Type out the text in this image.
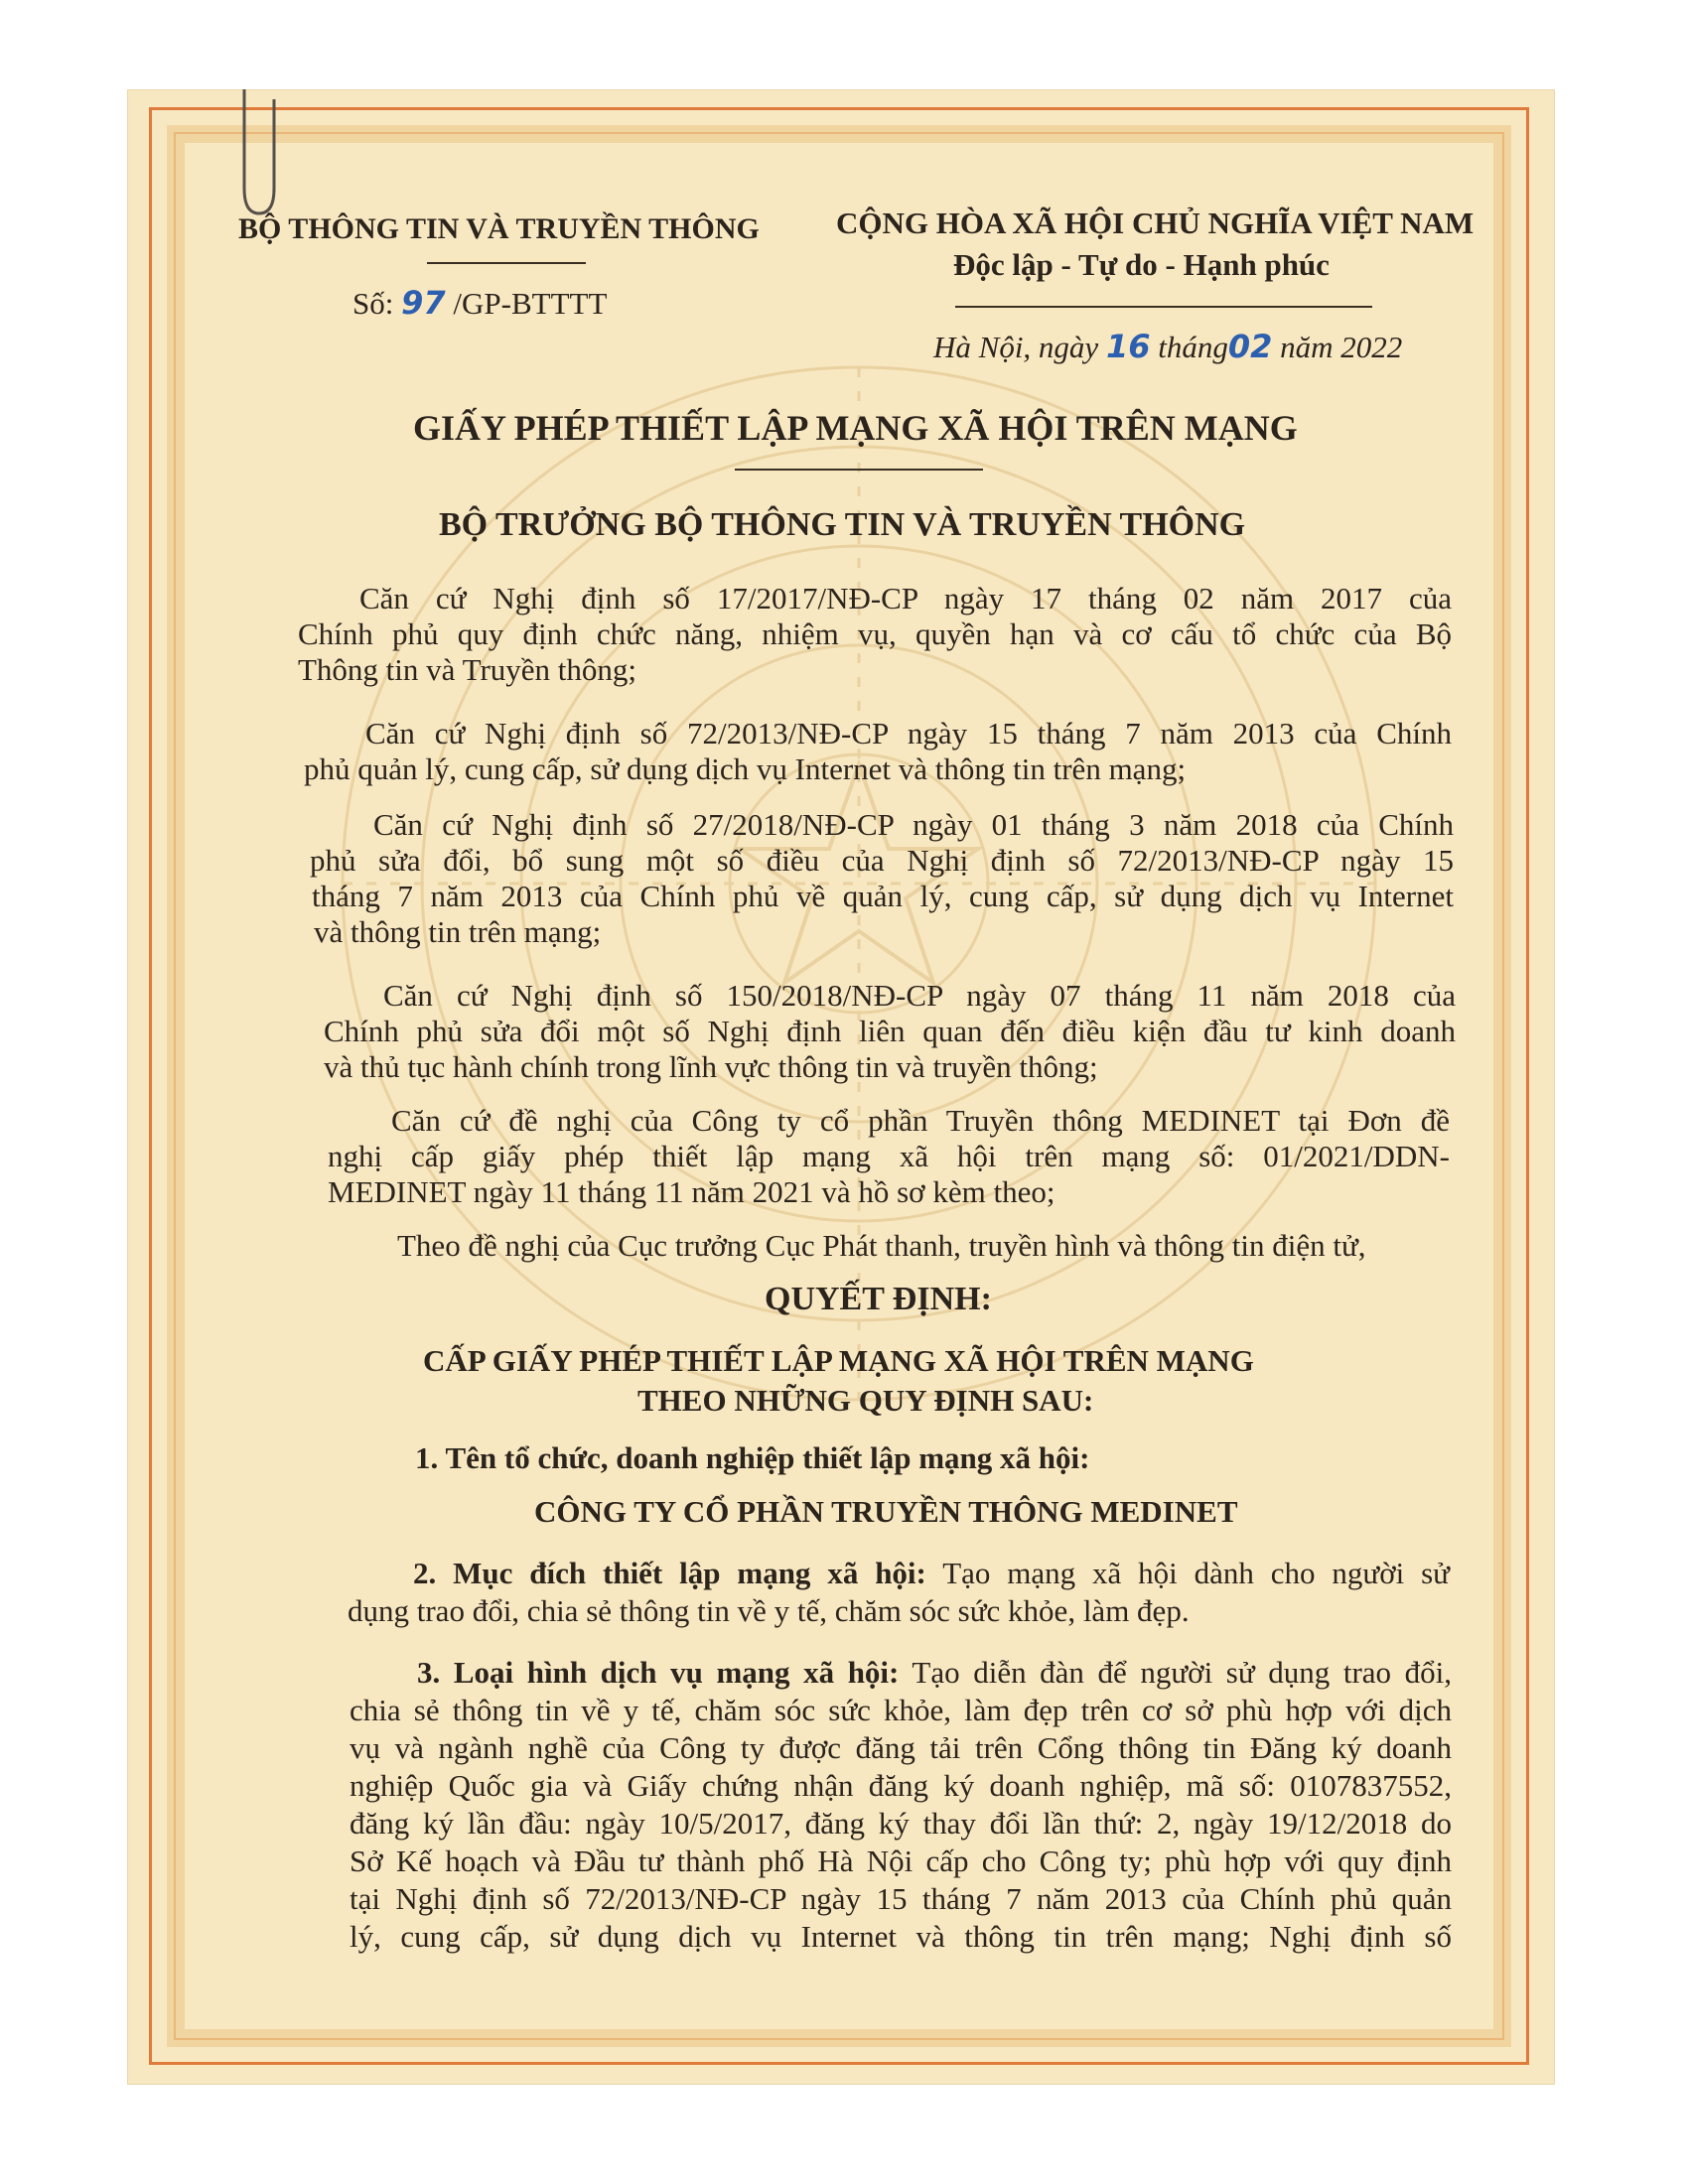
BỘ THÔNG TIN VÀ TRUYỀN THÔNG
Số: 97 /GP-BTTTT
CỘNG HÒA XÃ HỘI CHỦ NGHĨA VIỆT NAM
Độc lập - Tự do - Hạnh phúc
Hà Nội, ngày 16 tháng02 năm 2022
GIẤY PHÉP THIẾT LẬP MẠNG XÃ HỘI TRÊN MẠNG
BỘ TRƯỞNG BỘ THÔNG TIN VÀ TRUYỀN THÔNG
Căn cứ Nghị định số 17/2017/NĐ-CP ngày 17 tháng 02 năm 2017 của
Chính phủ quy định chức năng, nhiệm vụ, quyền hạn và cơ cấu tổ chức của Bộ
Thông tin và Truyền thông;
Căn cứ Nghị định số 72/2013/NĐ-CP ngày 15 tháng 7 năm 2013 của Chính
phủ quản lý, cung cấp, sử dụng dịch vụ Internet và thông tin trên mạng;
Căn cứ Nghị định số 27/2018/NĐ-CP ngày 01 tháng 3 năm 2018 của Chính
phủ sửa đổi, bổ sung một số điều của Nghị định số 72/2013/NĐ-CP ngày 15
tháng 7 năm 2013 của Chính phủ về quản lý, cung cấp, sử dụng dịch vụ Internet
và thông tin trên mạng;
Căn cứ Nghị định số 150/2018/NĐ-CP ngày 07 tháng 11 năm 2018 của
Chính phủ sửa đổi một số Nghị định liên quan đến điều kiện đầu tư kinh doanh
và thủ tục hành chính trong lĩnh vực thông tin và truyền thông;
Căn cứ đề nghị của Công ty cổ phần Truyền thông MEDINET tại Đơn đề
nghị cấp giấy phép thiết lập mạng xã hội trên mạng số: 01/2021/DDN-
MEDINET ngày 11 tháng 11 năm 2021 và hồ sơ kèm theo;
Theo đề nghị của Cục trưởng Cục Phát thanh, truyền hình và thông tin điện tử,
QUYẾT ĐỊNH:
CẤP GIẤY PHÉP THIẾT LẬP MẠNG XÃ HỘI TRÊN MẠNG
THEO NHỮNG QUY ĐỊNH SAU:
1. Tên tổ chức, doanh nghiệp thiết lập mạng xã hội:
CÔNG TY CỔ PHẦN TRUYỀN THÔNG MEDINET
2. Mục đích thiết lập mạng xã hội: Tạo mạng xã hội dành cho người sử
dụng trao đổi, chia sẻ thông tin về y tế, chăm sóc sức khỏe, làm đẹp.
3. Loại hình dịch vụ mạng xã hội: Tạo diễn đàn để người sử dụng trao đổi,
chia sẻ thông tin về y tế, chăm sóc sức khỏe, làm đẹp trên cơ sở phù hợp với dịch
vụ và ngành nghề của Công ty được đăng tải trên Cổng thông tin Đăng ký doanh
nghiệp Quốc gia và Giấy chứng nhận đăng ký doanh nghiệp, mã số: 0107837552,
đăng ký lần đầu: ngày 10/5/2017, đăng ký thay đổi lần thứ: 2, ngày 19/12/2018 do
Sở Kế hoạch và Đầu tư thành phố Hà Nội cấp cho Công ty; phù hợp với quy định
tại Nghị định số 72/2013/NĐ-CP ngày 15 tháng 7 năm 2013 của Chính phủ quản
lý, cung cấp, sử dụng dịch vụ Internet và thông tin trên mạng; Nghị định số
